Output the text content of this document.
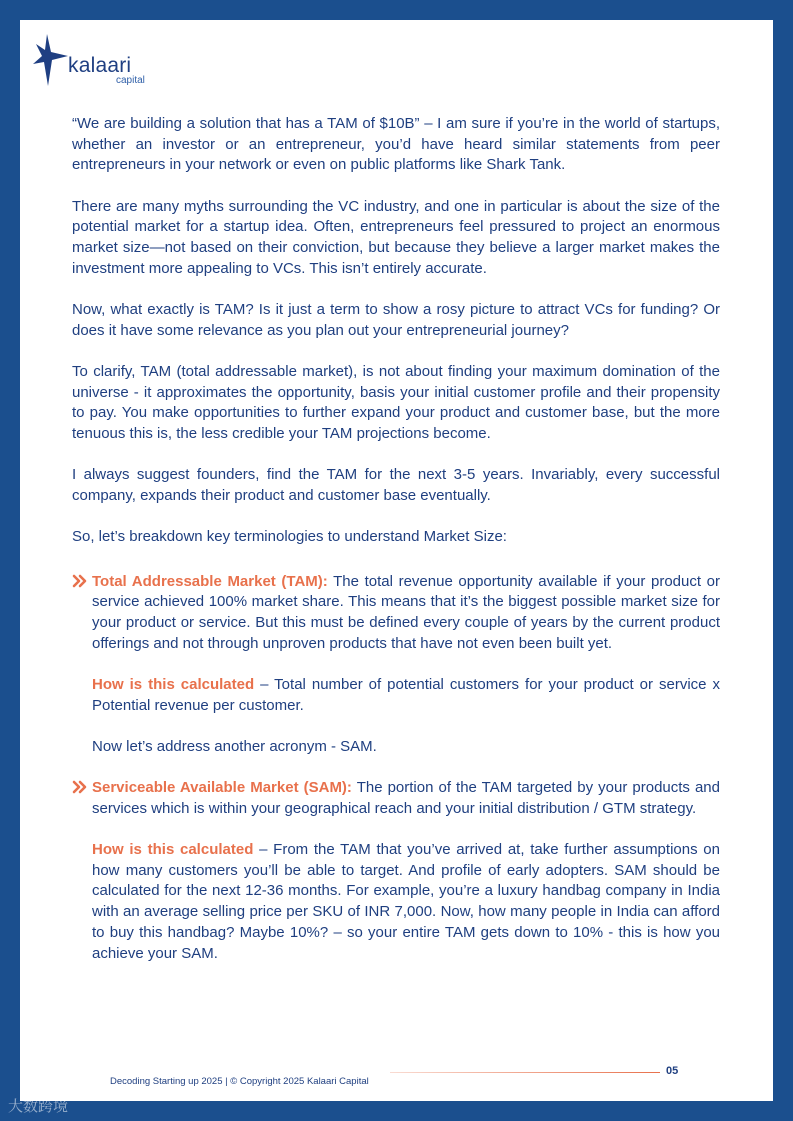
kalaari
capital

“We are building a solution that has a TAM of $10B” – I am sure if you’re in the world of startups, whether an investor or an entrepreneur, you’d have heard similar statements from peer entrepreneurs in your network or even on public platforms like Shark Tank.

There are many myths surrounding the VC industry, and one in particular is about the size of the potential market for a startup idea. Often, entrepreneurs feel pressured to project an enormous market size—not based on their conviction, but because they believe a larger market makes the investment more appealing to VCs. This isn’t entirely accurate.

Now, what exactly is TAM? Is it just a term to show a rosy picture to attract VCs for funding? Or does it have some relevance as you plan out your entrepreneurial journey?

To clarify, TAM (total addressable market), is not about finding your maximum domination of the universe - it approximates the opportunity, basis your initial customer profile and their propensity to pay. You make opportunities to further expand your product and customer base, but the more tenuous this is, the less credible your TAM projections become.

I always suggest founders, find the TAM for the next 3-5 years. Invariably, every successful company, expands their product and customer base eventually.

So, let’s breakdown key terminologies to understand Market Size:

Total Addressable Market (TAM): The total revenue opportunity available if your product or service achieved 100% market share. This means that it’s the biggest possible market size for your product or service. But this must be defined every couple of years by the current product offerings and not through unproven products that have not even been built yet.

How is this calculated – Total number of potential customers for your product or service x Potential revenue per customer.

Now let’s address another acronym - SAM.

Serviceable Available Market (SAM): The portion of the TAM targeted by your products and services which is within your geographical reach and your initial distribution / GTM strategy.

How is this calculated – From the TAM that you’ve arrived at, take further assumptions on how many customers you’ll be able to target. And profile of early adopters. SAM should be calculated for the next 12-36 months. For example, you’re a luxury handbag company in India with an average selling price per SKU of INR 7,000. Now, how many people in India can afford to buy this handbag? Maybe 10%? – so your entire TAM gets down to 10% - this is how you achieve your SAM.

Decoding Starting up 2025 | © Copyright 2025 Kalaari Capital
05
大数跨境
